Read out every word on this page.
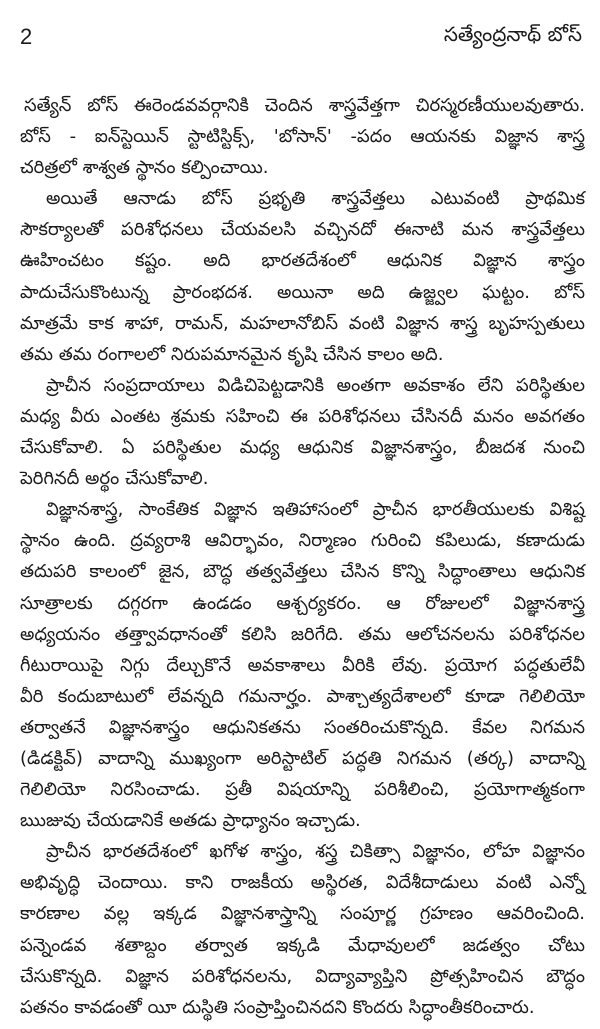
2	సత్యేంద్రనాథ్ బోస్
సత్యేన్ బోస్ ఈరెండవవర్గానికి చెందిన శాస్త్రవేత్తగా చిరస్మరణీయులవుతారు.
బోస్ - ఐన్‌స్టెయిన్ స్టాటిస్టిక్స్, 'బోసాన్' -పదం ఆయనకు విజ్ఞాన శాస్త్ర
చరిత్రలో శాశ్వత స్థానం కల్పించాయి.
అయితే ఆనాడు బోస్ ప్రభృతి శాస్త్రవేత్తలు ఎటువంటి ప్రాథమిక
సౌకర్యాలతో పరిశోధనలు చేయవలసి వచ్చినదో ఈనాటి మన శాస్త్రవేత్తలు
ఊహించటం కష్టం. అది భారతదేశంలో ఆధునిక విజ్ఞాన శాస్త్రం
పాదుచేసుకొంటున్న ప్రారంభదశ. అయినా అది ఉజ్జ్వల ఘట్టం. బోస్
మాత్రమే కాక శాహా, రామన్, మహలానోబిస్ వంటి విజ్ఞాన శాస్త్ర బృహస్పతులు
తమ తమ రంగాలలో నిరుపమానమైన కృషి చేసిన కాలం అది.
ప్రాచీన సంప్రదాయాలు విడిచిపెట్టడానికి అంతగా అవకాశం లేని పరిస్థితుల
మధ్య వీరు ఎంతట శ్రమకు సహించి ఈ పరిశోధనలు చేసినదీ మనం అవగతం
చేసుకోవాలి. ఏ పరిస్థితుల మధ్య ఆధునిక విజ్ఞానశాస్త్రం, బీజదశ నుంచి
పెరిగినదీ అర్థం చేసుకోవాలి.
విజ్ఞానశాస్త్ర, సాంకేతిక విజ్ఞాన ఇతిహాసంలో ప్రాచీన భారతీయులకు విశిష్ట
స్థానం ఉంది. ద్రవ్యరాశి ఆవిర్భావం, నిర్మాణం గురించి కపిలుడు, కణాదుడు
తదుపరి కాలంలో జైన, బౌద్ధ తత్వవేత్తలు చేసిన కొన్ని సిద్ధాంతాలు ఆధునిక
సూత్రాలకు దగ్గరగా ఉండడం ఆశ్చర్యకరం. ఆ రోజులలో విజ్ఞానశాస్త్ర
అధ్యయనం తత్త్వావధానంతో కలిసి జరిగేది. తమ ఆలోచనలను పరిశోధనల
గీటురాయిపై నిగ్గు దేల్చుకొనే అవకాశాలు వీరికి లేవు. ప్రయోగ పద్ధతులేవీ
వీరి కందుబాటులో లేవన్నది గమనార్హం. పాశ్చాత్యదేశాలలో కూడా గెలిలియో
తర్వాతనే విజ్ఞానశాస్త్రం ఆధునికతను సంతరించుకొన్నది. కేవల నిగమన
(డిడక్టివ్) వాదాన్ని ముఖ్యంగా అరిస్టాటిల్ పద్ధతి నిగమన (తర్క) వాదాన్ని
గెలిలియో నిరసించాడు. ప్రతీ విషయాన్ని పరిశీలించి, ప్రయోగాత్మకంగా
ఋజువు చేయడానికే అతడు ప్రాధ్యానం ఇచ్చాడు.
ప్రాచీన భారతదేశంలో ఖగోళ శాస్త్రం, శస్త్ర చికిత్సా విజ్ఞానం, లోహ విజ్ఞానం
అభివృద్ధి చెందాయి. కాని రాజకీయ అస్థిరత, విదేశీదాడులు వంటి ఎన్నో
కారణాల వల్ల ఇక్కడ విజ్ఞానశాస్త్రాన్ని సంపూర్ణ గ్రహణం ఆవరించింది.
పన్నెండవ శతాబ్దం తర్వాత ఇక్కడి మేధావులలో జడత్వం చోటు
చేసుకొన్నది. విజ్ఞాన పరిశోధనలను, విద్యావ్యాప్తిని ప్రోత్సహించిన బౌద్ధం
పతనం కావడంతో యీ దుస్థితి సంప్రాప్తించినదని కొందరు సిద్ధాంతీకరించారు.
